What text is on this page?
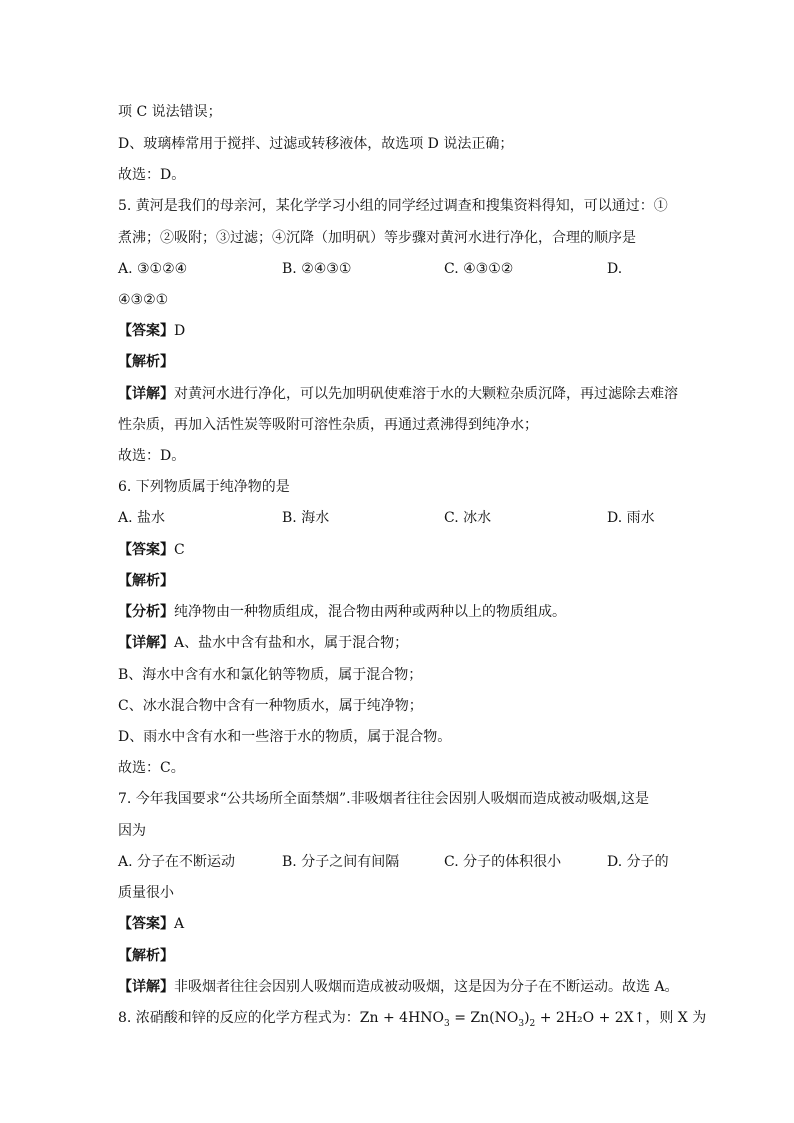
项 C 说法错误；
D、玻璃棒常用于搅拌、过滤或转移液体，故选项 D 说法正确；
故选：D。
5. 黄河是我们的母亲河，某化学学习小组的同学经过调查和搜集资料得知，可以通过：①
煮沸；②吸附；③过滤；④沉降（加明矾）等步骤对黄河水进行净化，合理的顺序是
A. ③①②④	B. ②④③①	C. ④③①②	D.
④③②①
【答案】D
【解析】
【详解】对黄河水进行净化，可以先加明矾使难溶于水的大颗粒杂质沉降，再过滤除去难溶
性杂质，再加入活性炭等吸附可溶性杂质，再通过煮沸得到纯净水；
故选：D。
6. 下列物质属于纯净物的是
A. 盐水	B. 海水	C. 冰水	D. 雨水
【答案】C
【解析】
【分析】纯净物由一种物质组成，混合物由两种或两种以上的物质组成。
【详解】A、盐水中含有盐和水，属于混合物；
B、海水中含有水和氯化钠等物质，属于混合物；
C、冰水混合物中含有一种物质水，属于纯净物；
D、雨水中含有水和一些溶于水的物质，属于混合物。
故选：C。
7. 今年我国要求“公共场所全面禁烟”.非吸烟者往往会因别人吸烟而造成被动吸烟,这是
因为
A. 分子在不断运动	B. 分子之间有间隔	C. 分子的体积很小	D. 分子的
质量很小
【答案】A
【解析】
【详解】非吸烟者往往会因别人吸烟而造成被动吸烟，这是因为分子在不断运动。故选 A。
8. 浓硝酸和锌的反应的化学方程式为：$Zn + 4HNO_3 = Zn(NO_3)_2 + 2H_2O$ + 2X↑，则 X 为
